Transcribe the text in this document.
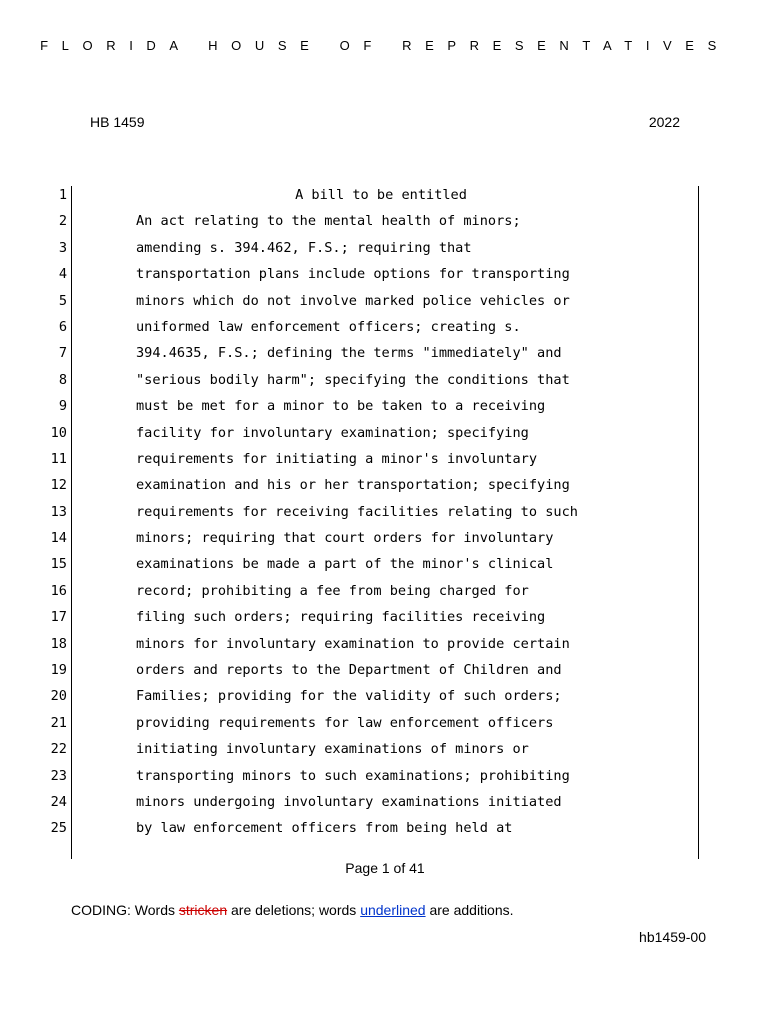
FLORIDA HOUSE OF REPRESENTATIVES
HB 1459	2022
1	A bill to be entitled
2	An act relating to the mental health of minors;
3	amending s. 394.462, F.S.; requiring that
4	transportation plans include options for transporting
5	minors which do not involve marked police vehicles or
6	uniformed law enforcement officers; creating s.
7	394.4635, F.S.; defining the terms "immediately" and
8	"serious bodily harm"; specifying the conditions that
9	must be met for a minor to be taken to a receiving
10	facility for involuntary examination; specifying
11	requirements for initiating a minor's involuntary
12	examination and his or her transportation; specifying
13	requirements for receiving facilities relating to such
14	minors; requiring that court orders for involuntary
15	examinations be made a part of the minor's clinical
16	record; prohibiting a fee from being charged for
17	filing such orders; requiring facilities receiving
18	minors for involuntary examination to provide certain
19	orders and reports to the Department of Children and
20	Families; providing for the validity of such orders;
21	providing requirements for law enforcement officers
22	initiating involuntary examinations of minors or
23	transporting minors to such examinations; prohibiting
24	minors undergoing involuntary examinations initiated
25	by law enforcement officers from being held at
Page 1 of 41
CODING: Words stricken are deletions; words underlined are additions.
hb1459-00
